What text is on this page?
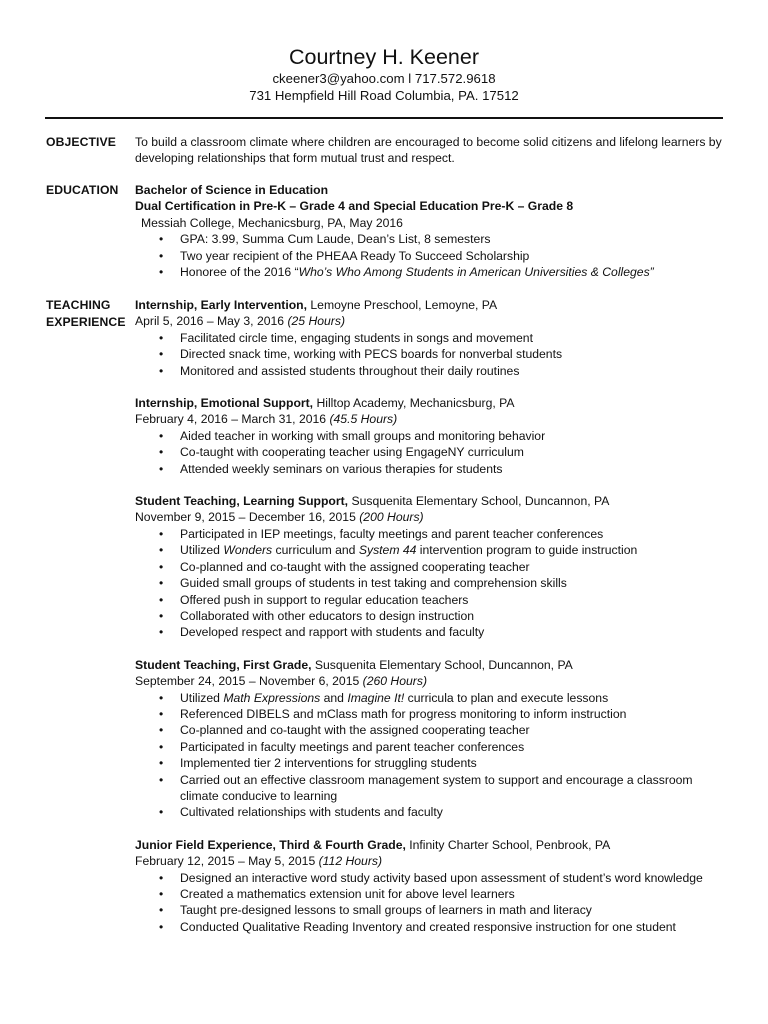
Courtney H. Keener
ckeener3@yahoo.com l 717.572.9618
731 Hempfield Hill Road Columbia, PA. 17512
OBJECTIVE To build a classroom climate where children are encouraged to become solid citizens and lifelong learners by developing relationships that form mutual trust and respect.
EDUCATION Bachelor of Science in Education
Dual Certification in Pre-K – Grade 4 and Special Education Pre-K – Grade 8
Messiah College, Mechanicsburg, PA, May 2016
• GPA: 3.99, Summa Cum Laude, Dean’s List, 8 semesters
• Two year recipient of the PHEAA Ready To Succeed Scholarship
• Honoree of the 2016 “Who’s Who Among Students in American Universities & Colleges”
TEACHING
EXPERIENCE
Internship, Early Intervention, Lemoyne Preschool, Lemoyne, PA
April 5, 2016 – May 3, 2016 (25 Hours)
• Facilitated circle time, engaging students in songs and movement
• Directed snack time, working with PECS boards for nonverbal students
• Monitored and assisted students throughout their daily routines
Internship, Emotional Support, Hilltop Academy, Mechanicsburg, PA
February 4, 2016 – March 31, 2016 (45.5 Hours)
• Aided teacher in working with small groups and monitoring behavior
• Co-taught with cooperating teacher using EngageNY curriculum
• Attended weekly seminars on various therapies for students
Student Teaching, Learning Support, Susquenita Elementary School, Duncannon, PA
November 9, 2015 – December 16, 2015 (200 Hours)
• Participated in IEP meetings, faculty meetings and parent teacher conferences
• Utilized Wonders curriculum and System 44 intervention program to guide instruction
• Co-planned and co-taught with the assigned cooperating teacher
• Guided small groups of students in test taking and comprehension skills
• Offered push in support to regular education teachers
• Collaborated with other educators to design instruction
• Developed respect and rapport with students and faculty
Student Teaching, First Grade, Susquenita Elementary School, Duncannon, PA
September 24, 2015 – November 6, 2015 (260 Hours)
• Utilized Math Expressions and Imagine It! curricula to plan and execute lessons
• Referenced DIBELS and mClass math for progress monitoring to inform instruction
• Co-planned and co-taught with the assigned cooperating teacher
• Participated in faculty meetings and parent teacher conferences
• Implemented tier 2 interventions for struggling students
• Carried out an effective classroom management system to support and encourage a classroom climate conducive to learning
• Cultivated relationships with students and faculty
Junior Field Experience, Third & Fourth Grade, Infinity Charter School, Penbrook, PA
February 12, 2015 – May 5, 2015 (112 Hours)
• Designed an interactive word study activity based upon assessment of student’s word knowledge
• Created a mathematics extension unit for above level learners
• Taught pre-designed lessons to small groups of learners in math and literacy
• Conducted Qualitative Reading Inventory and created responsive instruction for one student
